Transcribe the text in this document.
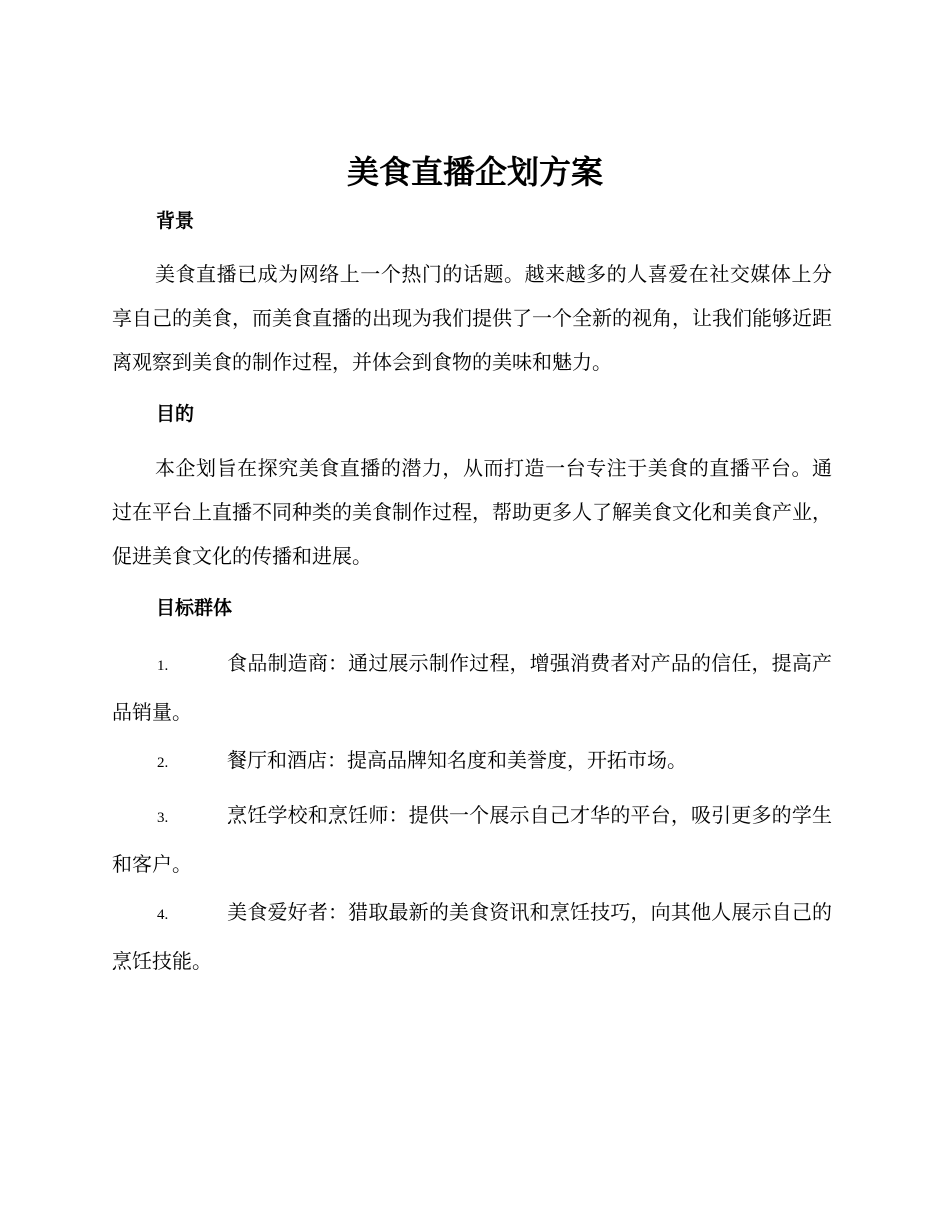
美食直播企划方案
背景
美食直播已成为网络上一个热门的话题。越来越多的人喜爱在社交媒体上分享自己的美食，而美食直播的出现为我们提供了一个全新的视角，让我们能够近距离观察到美食的制作过程，并体会到食物的美味和魅力。
目的
本企划旨在探究美食直播的潜力，从而打造一台专注于美食的直播平台。通过在平台上直播不同种类的美食制作过程，帮助更多人了解美食文化和美食产业，促进美食文化的传播和进展。
目标群体
1.	食品制造商：通过展示制作过程，增强消费者对产品的信任，提高产品销量。
2.	餐厅和酒店：提高品牌知名度和美誉度，开拓市场。
3.	烹饪学校和烹饪师：提供一个展示自己才华的平台，吸引更多的学生和客户。
4.	美食爱好者：猎取最新的美食资讯和烹饪技巧，向其他人展示自己的烹饪技能。
